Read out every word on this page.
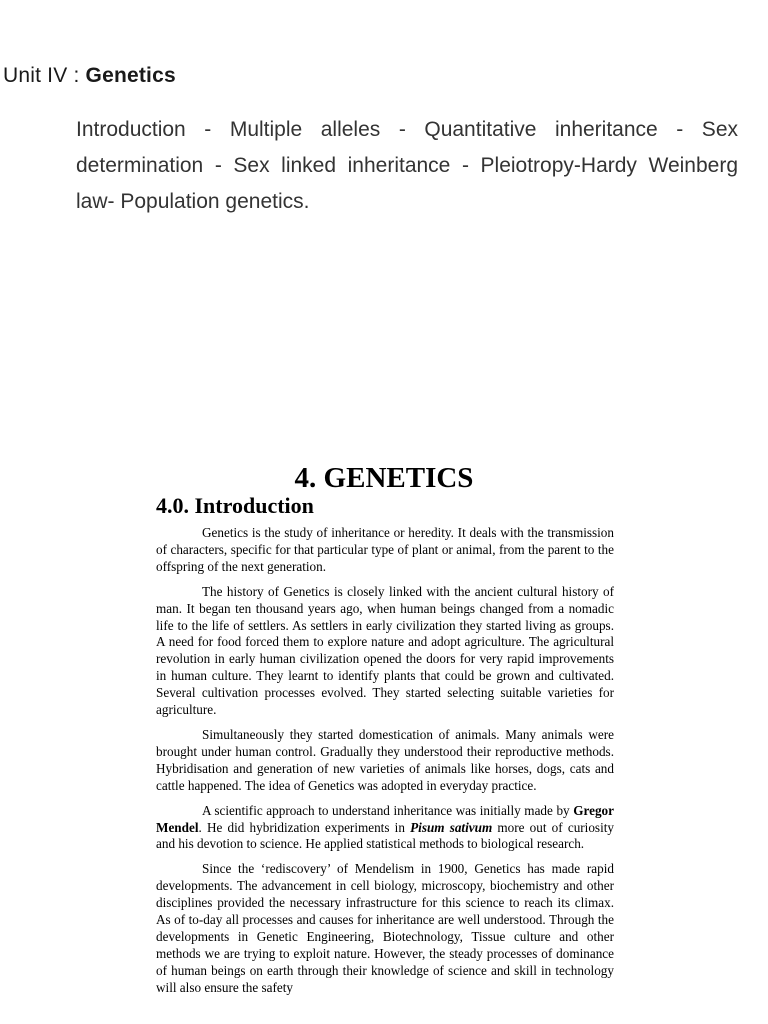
Unit IV : Genetics
Introduction - Multiple alleles - Quantitative inheritance - Sex determination - Sex linked inheritance - Pleiotropy-Hardy Weinberg law- Population genetics.
4. GENETICS
4.0. Introduction

Genetics is the study of inheritance or heredity. It deals with the transmission of characters, specific for that particular type of plant or animal, from the parent to the offspring of the next generation.

The history of Genetics is closely linked with the ancient cultural history of man. It began ten thousand years ago, when human beings changed from a nomadic life to the life of settlers. As settlers in early civilization they started living as groups. A need for food forced them to explore nature and adopt agriculture. The agricultural revolution in early human civilization opened the doors for very rapid improvements in human culture. They learnt to identify plants that could be grown and cultivated. Several cultivation processes evolved. They started selecting suitable varieties for agriculture.

Simultaneously they started domestication of animals. Many animals were brought under human control. Gradually they understood their reproductive methods. Hybridisation and generation of new varieties of animals like horses, dogs, cats and cattle happened. The idea of Genetics was adopted in everyday practice.

A scientific approach to understand inheritance was initially made by Gregor Mendel. He did hybridization experiments in Pisum sativum more out of curiosity and his devotion to science. He applied statistical methods to biological research.

Since the ‘rediscovery’ of Mendelism in 1900, Genetics has made rapid developments. The advancement in cell biology, microscopy, biochemistry and other disciplines provided the necessary infrastructure for this science to reach its climax. As of to-day all processes and causes for inheritance are well understood. Through the developments in Genetic Engineering, Biotechnology, Tissue culture and other methods we are trying to exploit nature. However, the steady processes of dominance of human beings on earth through their knowledge of science and skill in technology will also ensure the safety
